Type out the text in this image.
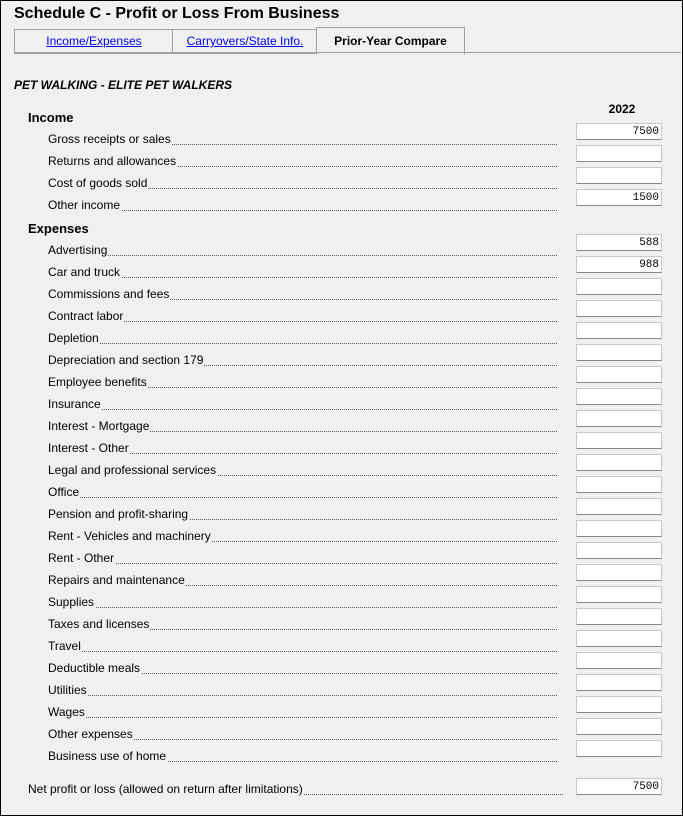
Schedule C - Profit or Loss From Business
Income/Expenses	Carryovers/State Info.	Prior-Year Compare
PET WALKING - ELITE PET WALKERS
2022
Income
Gross receipts or sales
7500
Returns and allowances
Cost of goods sold
Other income
1500
Expenses
Advertising
588
Car and truck
988
Commissions and fees
Contract labor
Depletion
Depreciation and section 179
Employee benefits
Insurance
Interest - Mortgage
Interest - Other
Legal and professional services
Office
Pension and profit-sharing
Rent - Vehicles and machinery
Rent - Other
Repairs and maintenance
Supplies
Taxes and licenses
Travel
Deductible meals
Utilities
Wages
Other expenses
Business use of home
Net profit or loss (allowed on return after limitations)
7500
